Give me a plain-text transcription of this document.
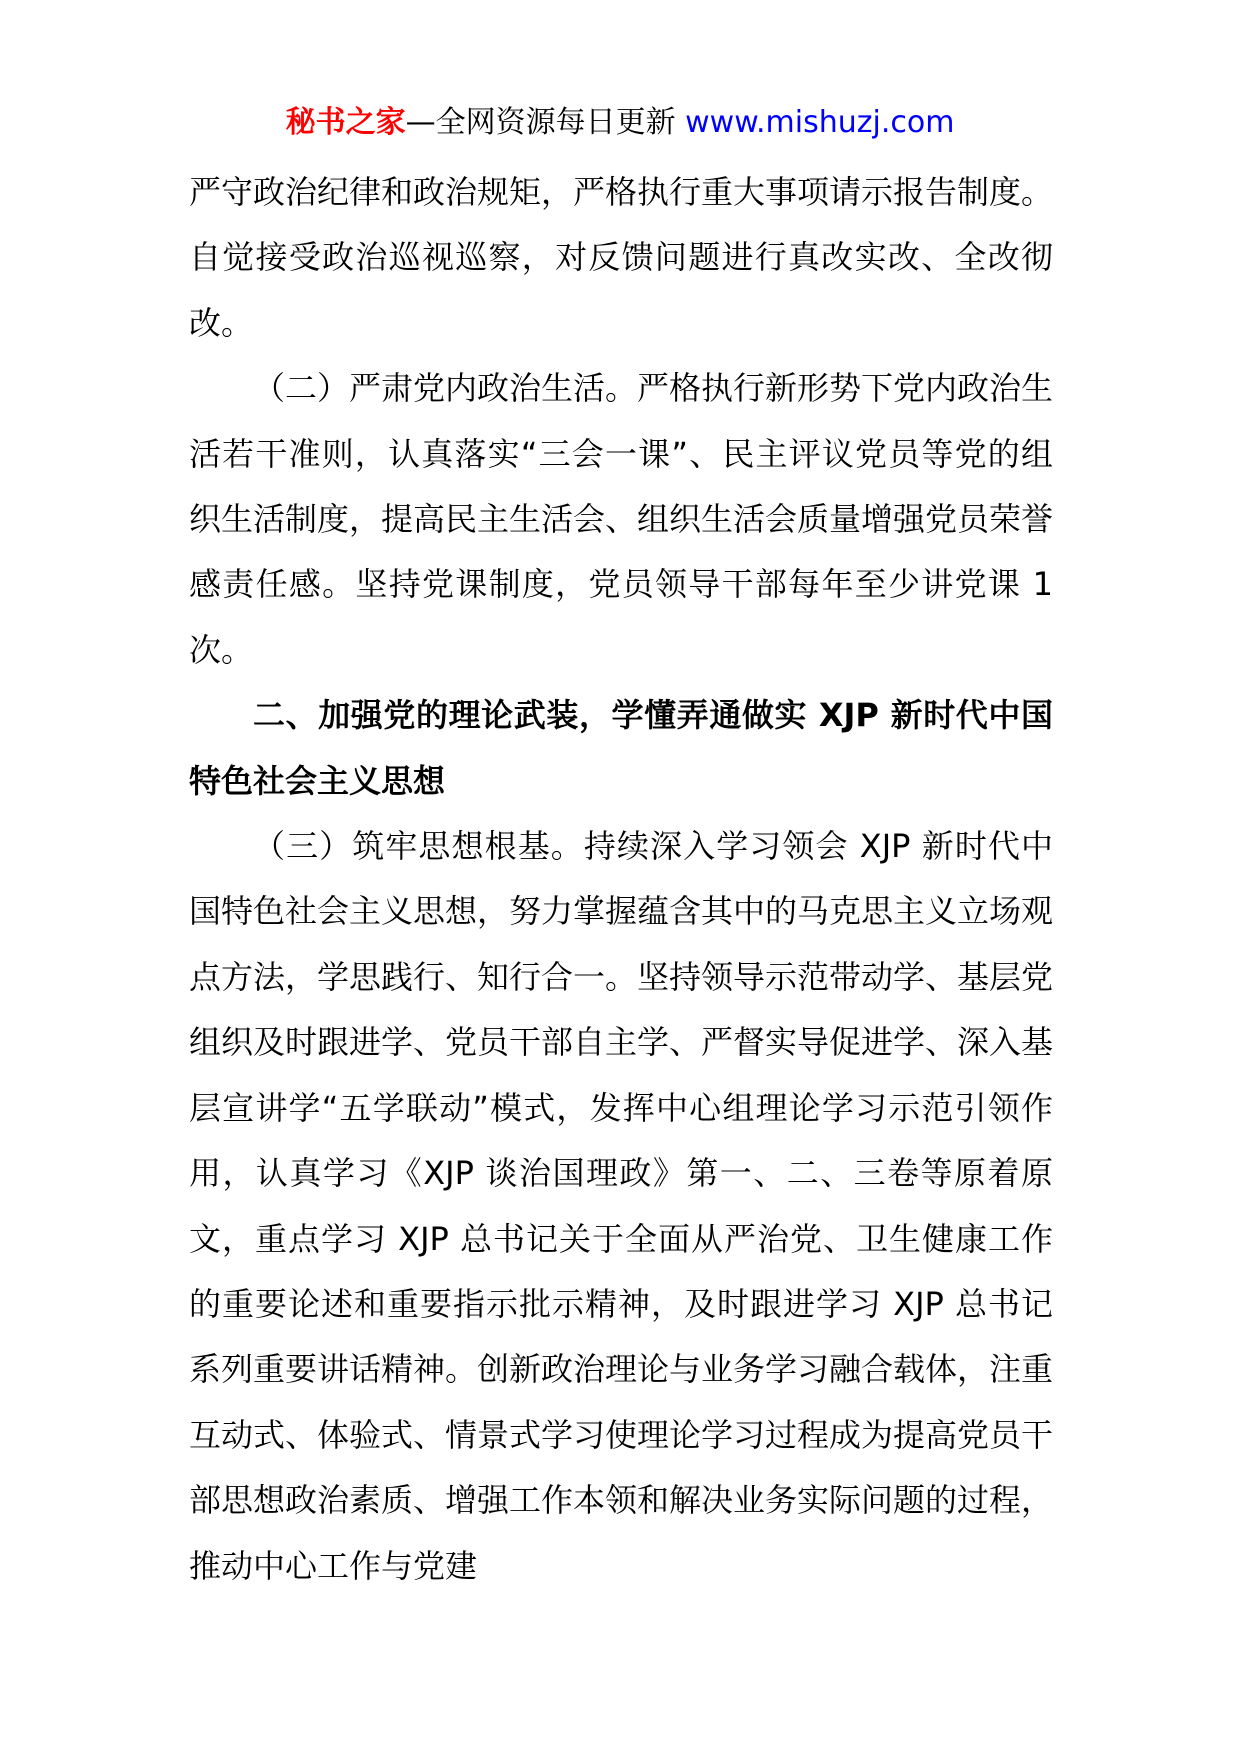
秘书之家—全网资源每日更新 www.mishuzj.com

严守政治纪律和政治规矩，严格执行重大事项请示报告制度。自觉接受政治巡视巡察，对反馈问题进行真改实改、全改彻改。

（二）严肃党内政治生活。严格执行新形势下党内政治生活若干准则，认真落实“三会一课”、民主评议党员等党的组织生活制度，提高民主生活会、组织生活会质量增强党员荣誉感责任感。坚持党课制度，党员领导干部每年至少讲党课 1 次。

二、加强党的理论武装，学懂弄通做实 XJP 新时代中国特色社会主义思想

（三）筑牢思想根基。持续深入学习领会 XJP 新时代中国特色社会主义思想，努力掌握蕴含其中的马克思主义立场观点方法，学思践行、知行合一。坚持领导示范带动学、基层党组织及时跟进学、党员干部自主学、严督实导促进学、深入基层宣讲学“五学联动”模式，发挥中心组理论学习示范引领作用，认真学习《XJP 谈治国理政》第一、二、三卷等原着原文，重点学习 XJP 总书记关于全面从严治党、卫生健康工作的重要论述和重要指示批示精神，及时跟进学习 XJP 总书记系列重要讲话精神。创新政治理论与业务学习融合载体，注重互动式、体验式、情景式学习使理论学习过程成为提高党员干部思想政治素质、增强工作本领和解决业务实际问题的过程，推动中心工作与党建
